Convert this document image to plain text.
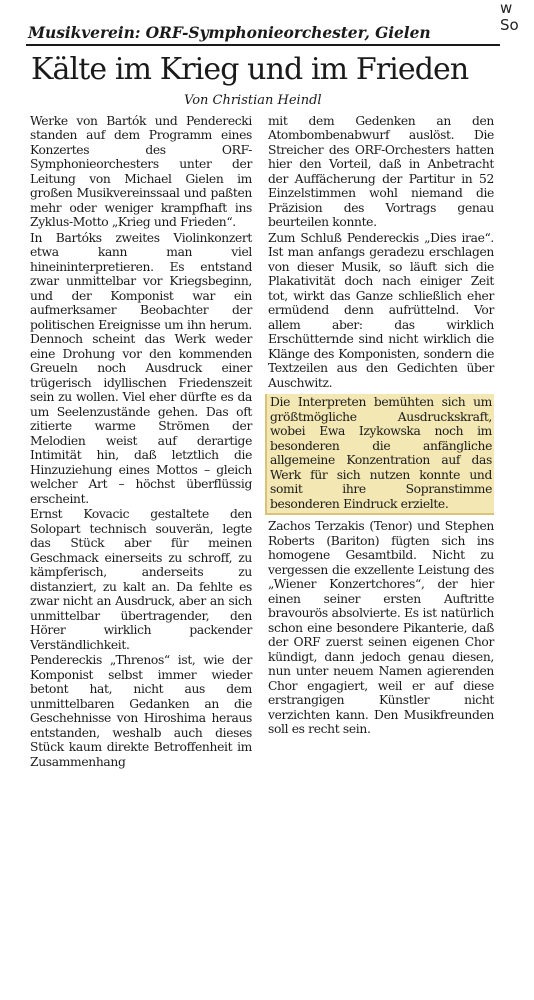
w
So
Musikverein: ORF-Symphonieorchester, Gielen
Kälte im Krieg und im Frieden
Von Christian Heindl

Werke von Bartók und Penderecki standen auf dem Programm eines Konzertes des ORF-Symphonieorchesters unter der Leitung von Michael Gielen im großen Musikvereinssaal und paßten mehr oder weniger krampfhaft ins Zyklus-Motto „Krieg und Frieden“.

In Bartóks zweites Violinkonzert etwa kann man viel hineininterpretieren. Es entstand zwar unmittelbar vor Kriegsbeginn, und der Komponist war ein aufmerksamer Beobachter der politischen Ereignisse um ihn herum. Dennoch scheint das Werk weder eine Drohung vor den kommenden Greueln noch Ausdruck einer trügerisch idyllischen Friedenszeit sein zu wollen. Viel eher dürfte es da um Seelenzustände gehen. Das oft zitierte warme Strömen der Melodien weist auf derartige Intimität hin, daß letztlich die Hinzuziehung eines Mottos – gleich welcher Art – höchst überflüssig erscheint.

Ernst Kovacic gestaltete den Solopart technisch souverän, legte das Stück aber für meinen Geschmack einerseits zu schroff, zu kämpferisch, anderseits zu distanziert, zu kalt an. Da fehlte es zwar nicht an Ausdruck, aber an sich unmittelbar übertragender, den Hörer wirklich packender Verständlichkeit.

Pendereckis „Threnos“ ist, wie der Komponist selbst immer wieder betont hat, nicht aus dem unmittelbaren Gedanken an die Geschehnisse von Hiroshima heraus entstanden, weshalb auch dieses Stück kaum direkte Betroffenheit im Zusammenhang

mit dem Gedenken an den Atombombenabwurf auslöst. Die Streicher des ORF-Orchesters hatten hier den Vorteil, daß in Anbetracht der Auffächerung der Partitur in 52 Einzelstimmen wohl niemand die Präzision des Vortrags genau beurteilen konnte.

Zum Schluß Pendereckis „Dies irae“. Ist man anfangs geradezu erschlagen von dieser Musik, so läuft sich die Plakativität doch nach einiger Zeit tot, wirkt das Ganze schließlich eher ermüdend denn aufrüttelnd. Vor allem aber: das wirklich Erschütternde sind nicht wirklich die Klänge des Komponisten, sondern die Textzeilen aus den Gedichten über Auschwitz.

Die Interpreten bemühten sich um größtmögliche Ausdruckskraft, wobei Ewa Izykowska noch im besonderen die anfängliche allgemeine Konzentration auf das Werk für sich nutzen konnte und somit ihre Sopranstimme besonderen Eindruck erzielte.

Zachos Terzakis (Tenor) und Stephen Roberts (Bariton) fügten sich ins homogene Gesamtbild. Nicht zu vergessen die exzellente Leistung des „Wiener Konzertchores“, der hier einen seiner ersten Auftritte bravourös absolvierte. Es ist natürlich schon eine besondere Pikanterie, daß der ORF zuerst seinen eigenen Chor kündigt, dann jedoch genau diesen, nun unter neuem Namen agierenden Chor engagiert, weil er auf diese erstrangigen Künstler nicht verzichten kann. Den Musikfreunden soll es recht sein.
